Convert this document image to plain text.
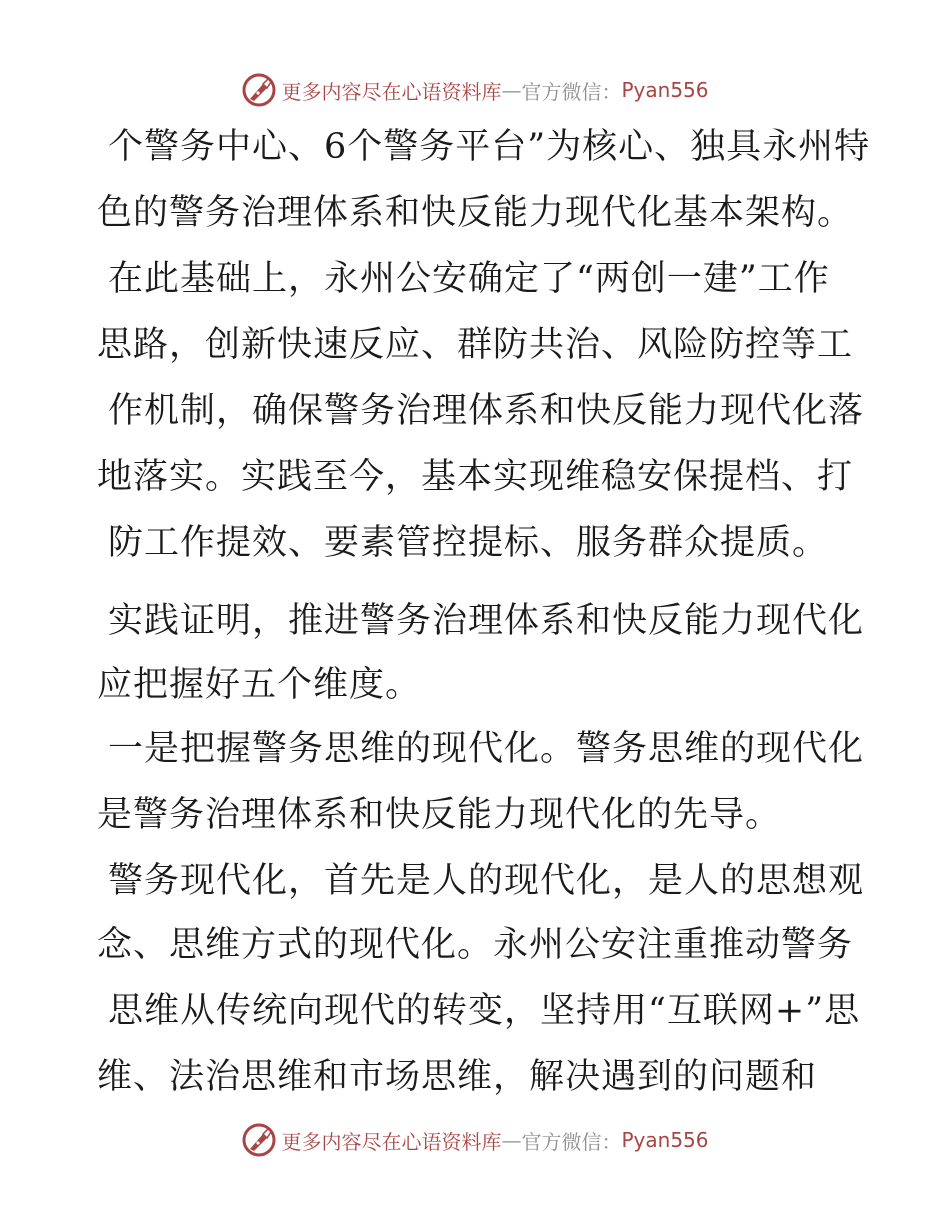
更多内容尽在心语资料库 — 官方微信： Pyan556
个警务中心、6个警务平台”为核心、独具永州特
色的警务治理体系和快反能力现代化基本架构。
在此基础上，永州公安确定了“两创一建”工作
思路，创新快速反应、群防共治、风险防控等工
作机制，确保警务治理体系和快反能力现代化落
地落实。实践至今，基本实现维稳安保提档、打
防工作提效、要素管控提标、服务群众提质。
实践证明，推进警务治理体系和快反能力现代化
应把握好五个维度。
一是把握警务思维的现代化。警务思维的现代化
是警务治理体系和快反能力现代化的先导。
警务现代化，首先是人的现代化，是人的思想观
念、思维方式的现代化。永州公安注重推动警务
思维从传统向现代的转变，坚持用“互联网+”思
维、法治思维和市场思维，解决遇到的问题和
更多内容尽在心语资料库 — 官方微信： Pyan556
